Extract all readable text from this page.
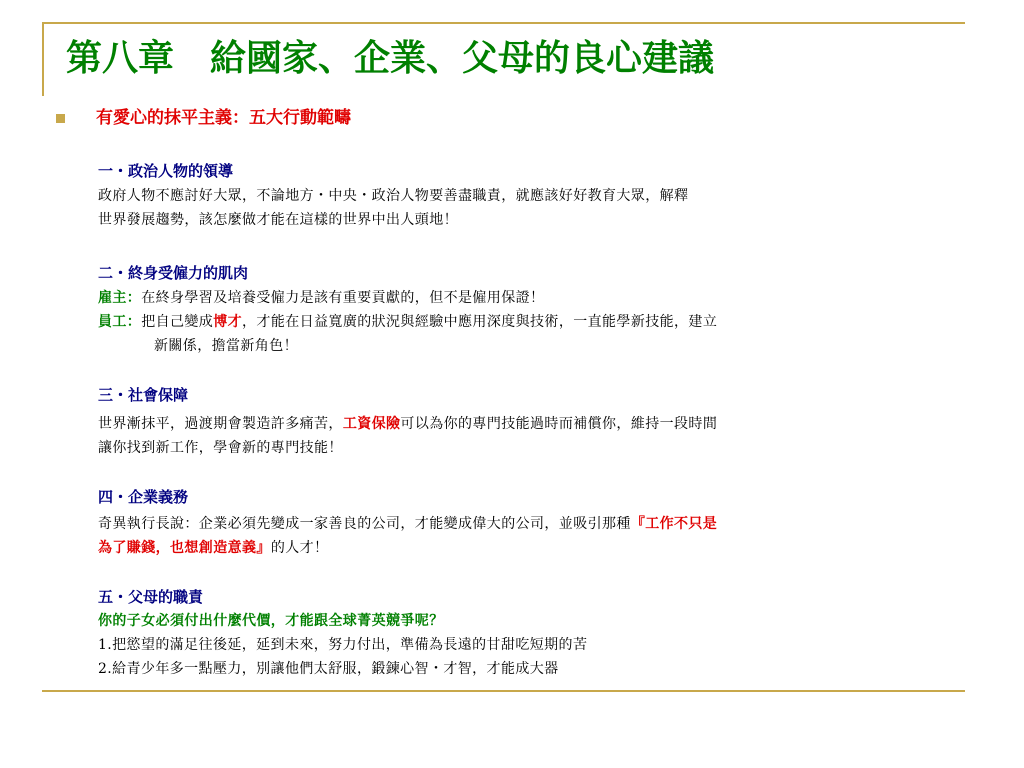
第八章　給國家、企業、父母的良心建議
有愛心的抹平主義：五大行動範疇
一・政治人物的領導
政府人物不應討好大眾，不論地方・中央・政治人物要善盡職責，就應該好好教育大眾，解釋
世界發展趨勢，該怎麼做才能在這樣的世界中出人頭地！
二・終身受僱力的肌肉
雇主：在終身學習及培養受僱力是該有重要貢獻的，但不是僱用保證！
員工：把自己變成博才，才能在日益寬廣的狀況與經驗中應用深度與技術，一直能學新技能，建立
新關係，擔當新角色！
三・社會保障
世界漸抹平，過渡期會製造許多痛苦，工資保險可以為你的專門技能過時而補償你，維持一段時間
讓你找到新工作，學會新的專門技能！
四・企業義務
奇異執行長說：企業必須先變成一家善良的公司，才能變成偉大的公司，並吸引那種『工作不只是
為了賺錢，也想創造意義』的人才！
五・父母的職責
你的子女必須付出什麼代價，才能跟全球菁英競爭呢？
1.把慾望的滿足往後延，延到未來，努力付出，準備為長遠的甘甜吃短期的苦
2.給青少年多一點壓力，別讓他們太舒服，鍛鍊心智・才智，才能成大器
